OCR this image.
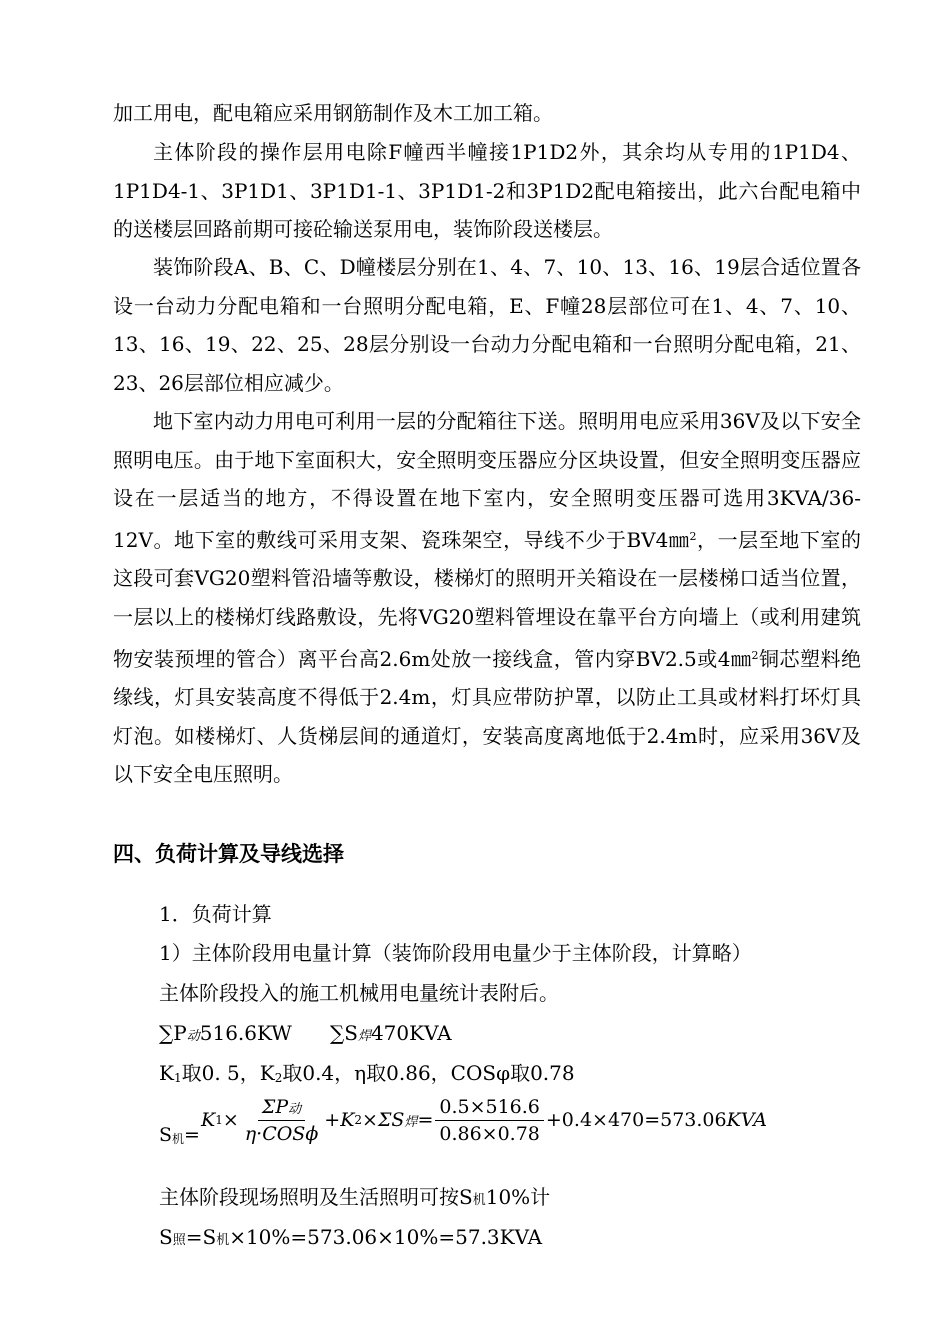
加工用电，配电箱应采用钢筋制作及木工加工箱。

主体阶段的操作层用电除F幢西半幢接1P1D2外，其余均从专用的1P1D4、1P1D4-1、3P1D1、3P1D1-1、3P1D1-2和3P1D2配电箱接出，此六台配电箱中的送楼层回路前期可接砼输送泵用电，装饰阶段送楼层。

装饰阶段A、B、C、D幢楼层分别在1、4、7、10、13、16、19层合适位置各设一台动力分配电箱和一台照明分配电箱，E、F幢28层部位可在1、4、7、10、13、16、19、22、25、28层分别设一台动力分配电箱和一台照明分配电箱，21、23、26层部位相应减少。

地下室内动力用电可利用一层的分配箱往下送。照明用电应采用36V及以下安全照明电压。由于地下室面积大，安全照明变压器应分区块设置，但安全照明变压器应设在一层适当的地方，不得设置在地下室内，安全照明变压器可选用3KVA/36-12V。地下室的敷线可采用支架、瓷珠架空，导线不少于BV4㎜$^2$，一层至地下室的这段可套VG20塑料管沿墙等敷设，楼梯灯的照明开关箱设在一层楼梯口适当位置，一层以上的楼梯灯线路敷设，先将VG20塑料管埋设在靠平台方向墙上（或利用建筑物安装预埋的管合）离平台高2.6m处放一接线盒，管内穿BV2.5或4㎜$^2$铜芯塑料绝缘线，灯具安装高度不得低于2.4m，灯具应带防护罩，以防止工具或材料打坏灯具灯泡。如楼梯灯、人货梯层间的通道灯，安装高度离地低于2.4m时，应采用36V及以下安全电压照明。

四、负荷计算及导线选择

1．负荷计算

1）主体阶段用电量计算（装饰阶段用电量少于主体阶段，计算略）

主体阶段投入的施工机械用电量统计表附后。

∑P动516.6KW ∑S焊470KVA

K1取0. 5，K2取0.4，η取0.86，COSφ取0.78

S机=
K $1 \times \frac{\text{ΣP动}}{\text{η·COSϕ}} + K$ 2 ×ΣS 焊 = $\frac{0.5\times 516.6}{0.86\times 0.78} +0.4\times 470=573.06$ KVA

主体阶段现场照明及生活照明可按S机10%计

S照=S机×10%=573.06×10%=57.3KVA
